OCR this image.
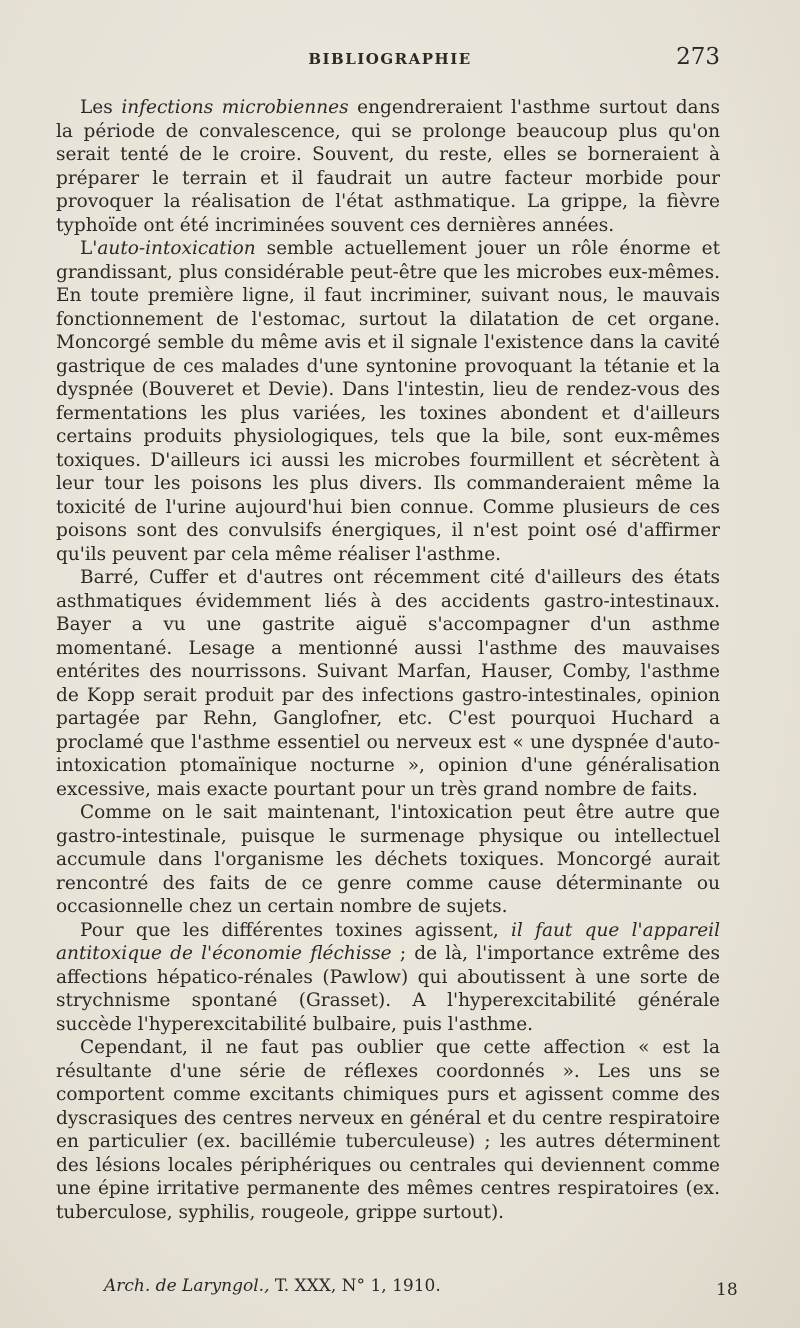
BIBLIOGRAPHIE	273

Les infections microbiennes engendreraient l'asthme surtout dans la période de convalescence, qui se prolonge beaucoup plus qu'on serait tenté de le croire. Souvent, du reste, elles se borneraient à préparer le terrain et il faudrait un autre facteur morbide pour provoquer la réalisation de l'état asthmatique. La grippe, la fièvre typhoïde ont été incriminées souvent ces dernières années.

L'auto-intoxication semble actuellement jouer un rôle énorme et grandissant, plus considérable peut-être que les microbes eux-mêmes. En toute première ligne, il faut incriminer, suivant nous, le mauvais fonctionnement de l'estomac, surtout la dilatation de cet organe. Moncorgé semble du même avis et il signale l'existence dans la cavité gastrique de ces malades d'une syntonine provoquant la tétanie et la dyspnée (Bouveret et Devie). Dans l'intestin, lieu de rendez-vous des fermentations les plus variées, les toxines abondent et d'ailleurs certains produits physiologiques, tels que la bile, sont eux-mêmes toxiques. D'ailleurs ici aussi les microbes fourmillent et sécrètent à leur tour les poisons les plus divers. Ils commanderaient même la toxicité de l'urine aujourd'hui bien connue. Comme plusieurs de ces poisons sont des convulsifs énergiques, il n'est point osé d'affirmer qu'ils peuvent par cela même réaliser l'asthme.

Barré, Cuffer et d'autres ont récemment cité d'ailleurs des états asthmatiques évidemment liés à des accidents gastro-intestinaux. Bayer a vu une gastrite aiguë s'accompagner d'un asthme momentané. Lesage a mentionné aussi l'asthme des mauvaises entérites des nourrissons. Suivant Marfan, Hauser, Comby, l'asthme de Kopp serait produit par des infections gastro-intestinales, opinion partagée par Rehn, Ganglofner, etc. C'est pourquoi Huchard a proclamé que l'asthme essentiel ou nerveux est « une dyspnée d'auto-intoxication ptomaïnique nocturne », opinion d'une généralisation excessive, mais exacte pourtant pour un très grand nombre de faits.

Comme on le sait maintenant, l'intoxication peut être autre que gastro-intestinale, puisque le surmenage physique ou intellectuel accumule dans l'organisme les déchets toxiques. Moncorgé aurait rencontré des faits de ce genre comme cause déterminante ou occasionnelle chez un certain nombre de sujets.

Pour que les différentes toxines agissent, il faut que l'appareil antitoxique de l'économie fléchisse ; de là, l'importance extrême des affections hépatico-rénales (Pawlow) qui aboutissent à une sorte de strychnisme spontané (Grasset). A l'hyperexcitabilité générale succède l'hyperexcitabilité bulbaire, puis l'asthme.

Cependant, il ne faut pas oublier que cette affection « est la résultante d'une série de réflexes coordonnés ». Les uns se comportent comme excitants chimiques purs et agissent comme des dyscrasiques des centres nerveux en général et du centre respiratoire en particulier (ex. bacillémie tuberculeuse) ; les autres déterminent des lésions locales périphériques ou centrales qui deviennent comme une épine irritative permanente des mêmes centres respiratoires (ex. tuberculose, syphilis, rougeole, grippe surtout).

Arch. de Laryngol., T. XXX, N° 1, 1910.	18
